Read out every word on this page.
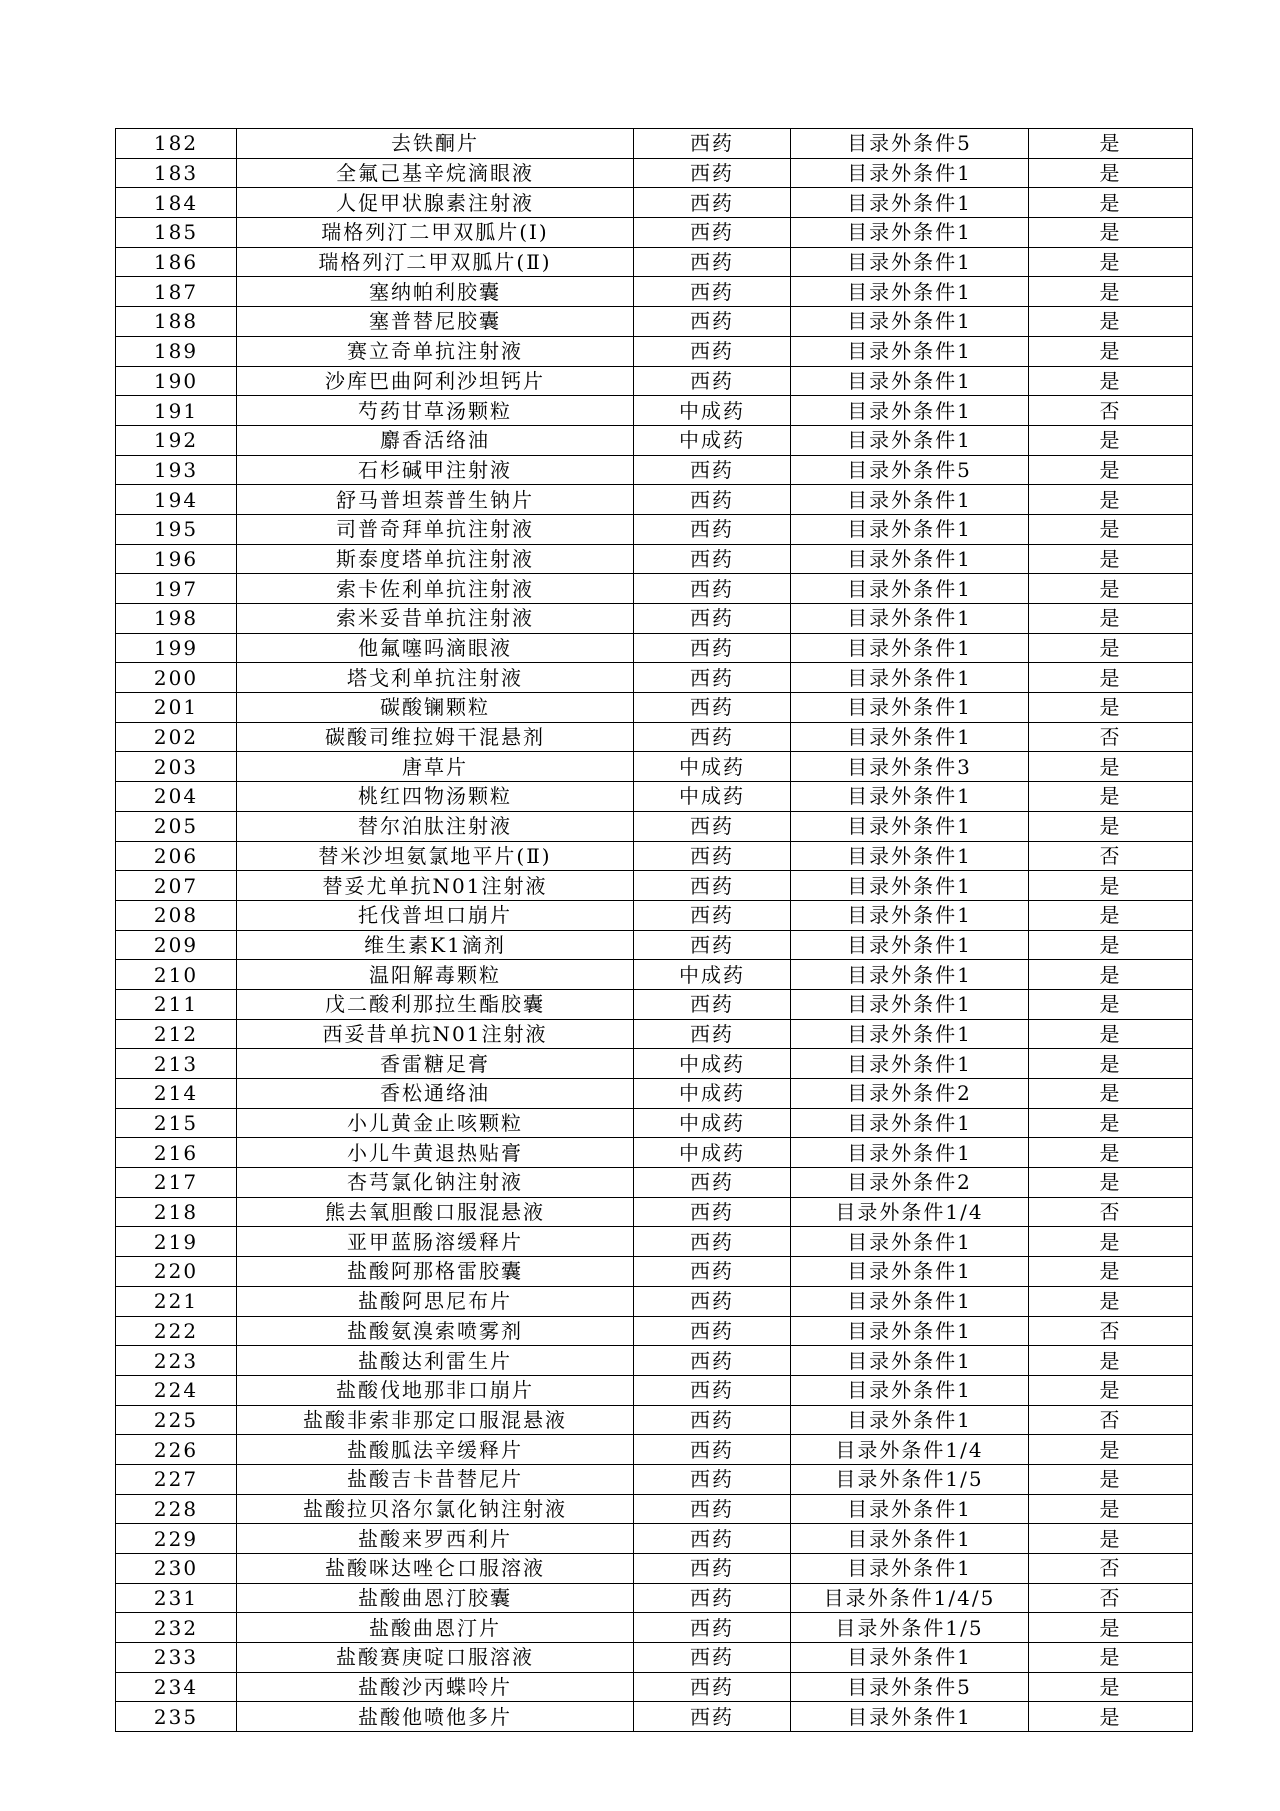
182	去铁酮片	西药	目录外条件5	是
183	全氟己基辛烷滴眼液	西药	目录外条件1	是
184	人促甲状腺素注射液	西药	目录外条件1	是
185	瑞格列汀二甲双胍片(Ⅰ)	西药	目录外条件1	是
186	瑞格列汀二甲双胍片(Ⅱ)	西药	目录外条件1	是
187	塞纳帕利胶囊	西药	目录外条件1	是
188	塞普替尼胶囊	西药	目录外条件1	是
189	赛立奇单抗注射液	西药	目录外条件1	是
190	沙库巴曲阿利沙坦钙片	西药	目录外条件1	是
191	芍药甘草汤颗粒	中成药	目录外条件1	否
192	麝香活络油	中成药	目录外条件1	是
193	石杉碱甲注射液	西药	目录外条件5	是
194	舒马普坦萘普生钠片	西药	目录外条件1	是
195	司普奇拜单抗注射液	西药	目录外条件1	是
196	斯泰度塔单抗注射液	西药	目录外条件1	是
197	索卡佐利单抗注射液	西药	目录外条件1	是
198	索米妥昔单抗注射液	西药	目录外条件1	是
199	他氟噻吗滴眼液	西药	目录外条件1	是
200	塔戈利单抗注射液	西药	目录外条件1	是
201	碳酸镧颗粒	西药	目录外条件1	是
202	碳酸司维拉姆干混悬剂	西药	目录外条件1	否
203	唐草片	中成药	目录外条件3	是
204	桃红四物汤颗粒	中成药	目录外条件1	是
205	替尔泊肽注射液	西药	目录外条件1	是
206	替米沙坦氨氯地平片(Ⅱ)	西药	目录外条件1	否
207	替妥尤单抗N01注射液	西药	目录外条件1	是
208	托伐普坦口崩片	西药	目录外条件1	是
209	维生素K1滴剂	西药	目录外条件1	是
210	温阳解毒颗粒	中成药	目录外条件1	是
211	戊二酸利那拉生酯胶囊	西药	目录外条件1	是
212	西妥昔单抗N01注射液	西药	目录外条件1	是
213	香雷糖足膏	中成药	目录外条件1	是
214	香松通络油	中成药	目录外条件2	是
215	小儿黄金止咳颗粒	中成药	目录外条件1	是
216	小儿牛黄退热贴膏	中成药	目录外条件1	是
217	杏芎氯化钠注射液	西药	目录外条件2	是
218	熊去氧胆酸口服混悬液	西药	目录外条件1/4	否
219	亚甲蓝肠溶缓释片	西药	目录外条件1	是
220	盐酸阿那格雷胶囊	西药	目录外条件1	是
221	盐酸阿思尼布片	西药	目录外条件1	是
222	盐酸氨溴索喷雾剂	西药	目录外条件1	否
223	盐酸达利雷生片	西药	目录外条件1	是
224	盐酸伐地那非口崩片	西药	目录外条件1	是
225	盐酸非索非那定口服混悬液	西药	目录外条件1	否
226	盐酸胍法辛缓释片	西药	目录外条件1/4	是
227	盐酸吉卡昔替尼片	西药	目录外条件1/5	是
228	盐酸拉贝洛尔氯化钠注射液	西药	目录外条件1	是
229	盐酸来罗西利片	西药	目录外条件1	是
230	盐酸咪达唑仑口服溶液	西药	目录外条件1	否
231	盐酸曲恩汀胶囊	西药	目录外条件1/4/5	否
232	盐酸曲恩汀片	西药	目录外条件1/5	是
233	盐酸赛庚啶口服溶液	西药	目录外条件1	是
234	盐酸沙丙蝶呤片	西药	目录外条件5	是
235	盐酸他喷他多片	西药	目录外条件1	是
